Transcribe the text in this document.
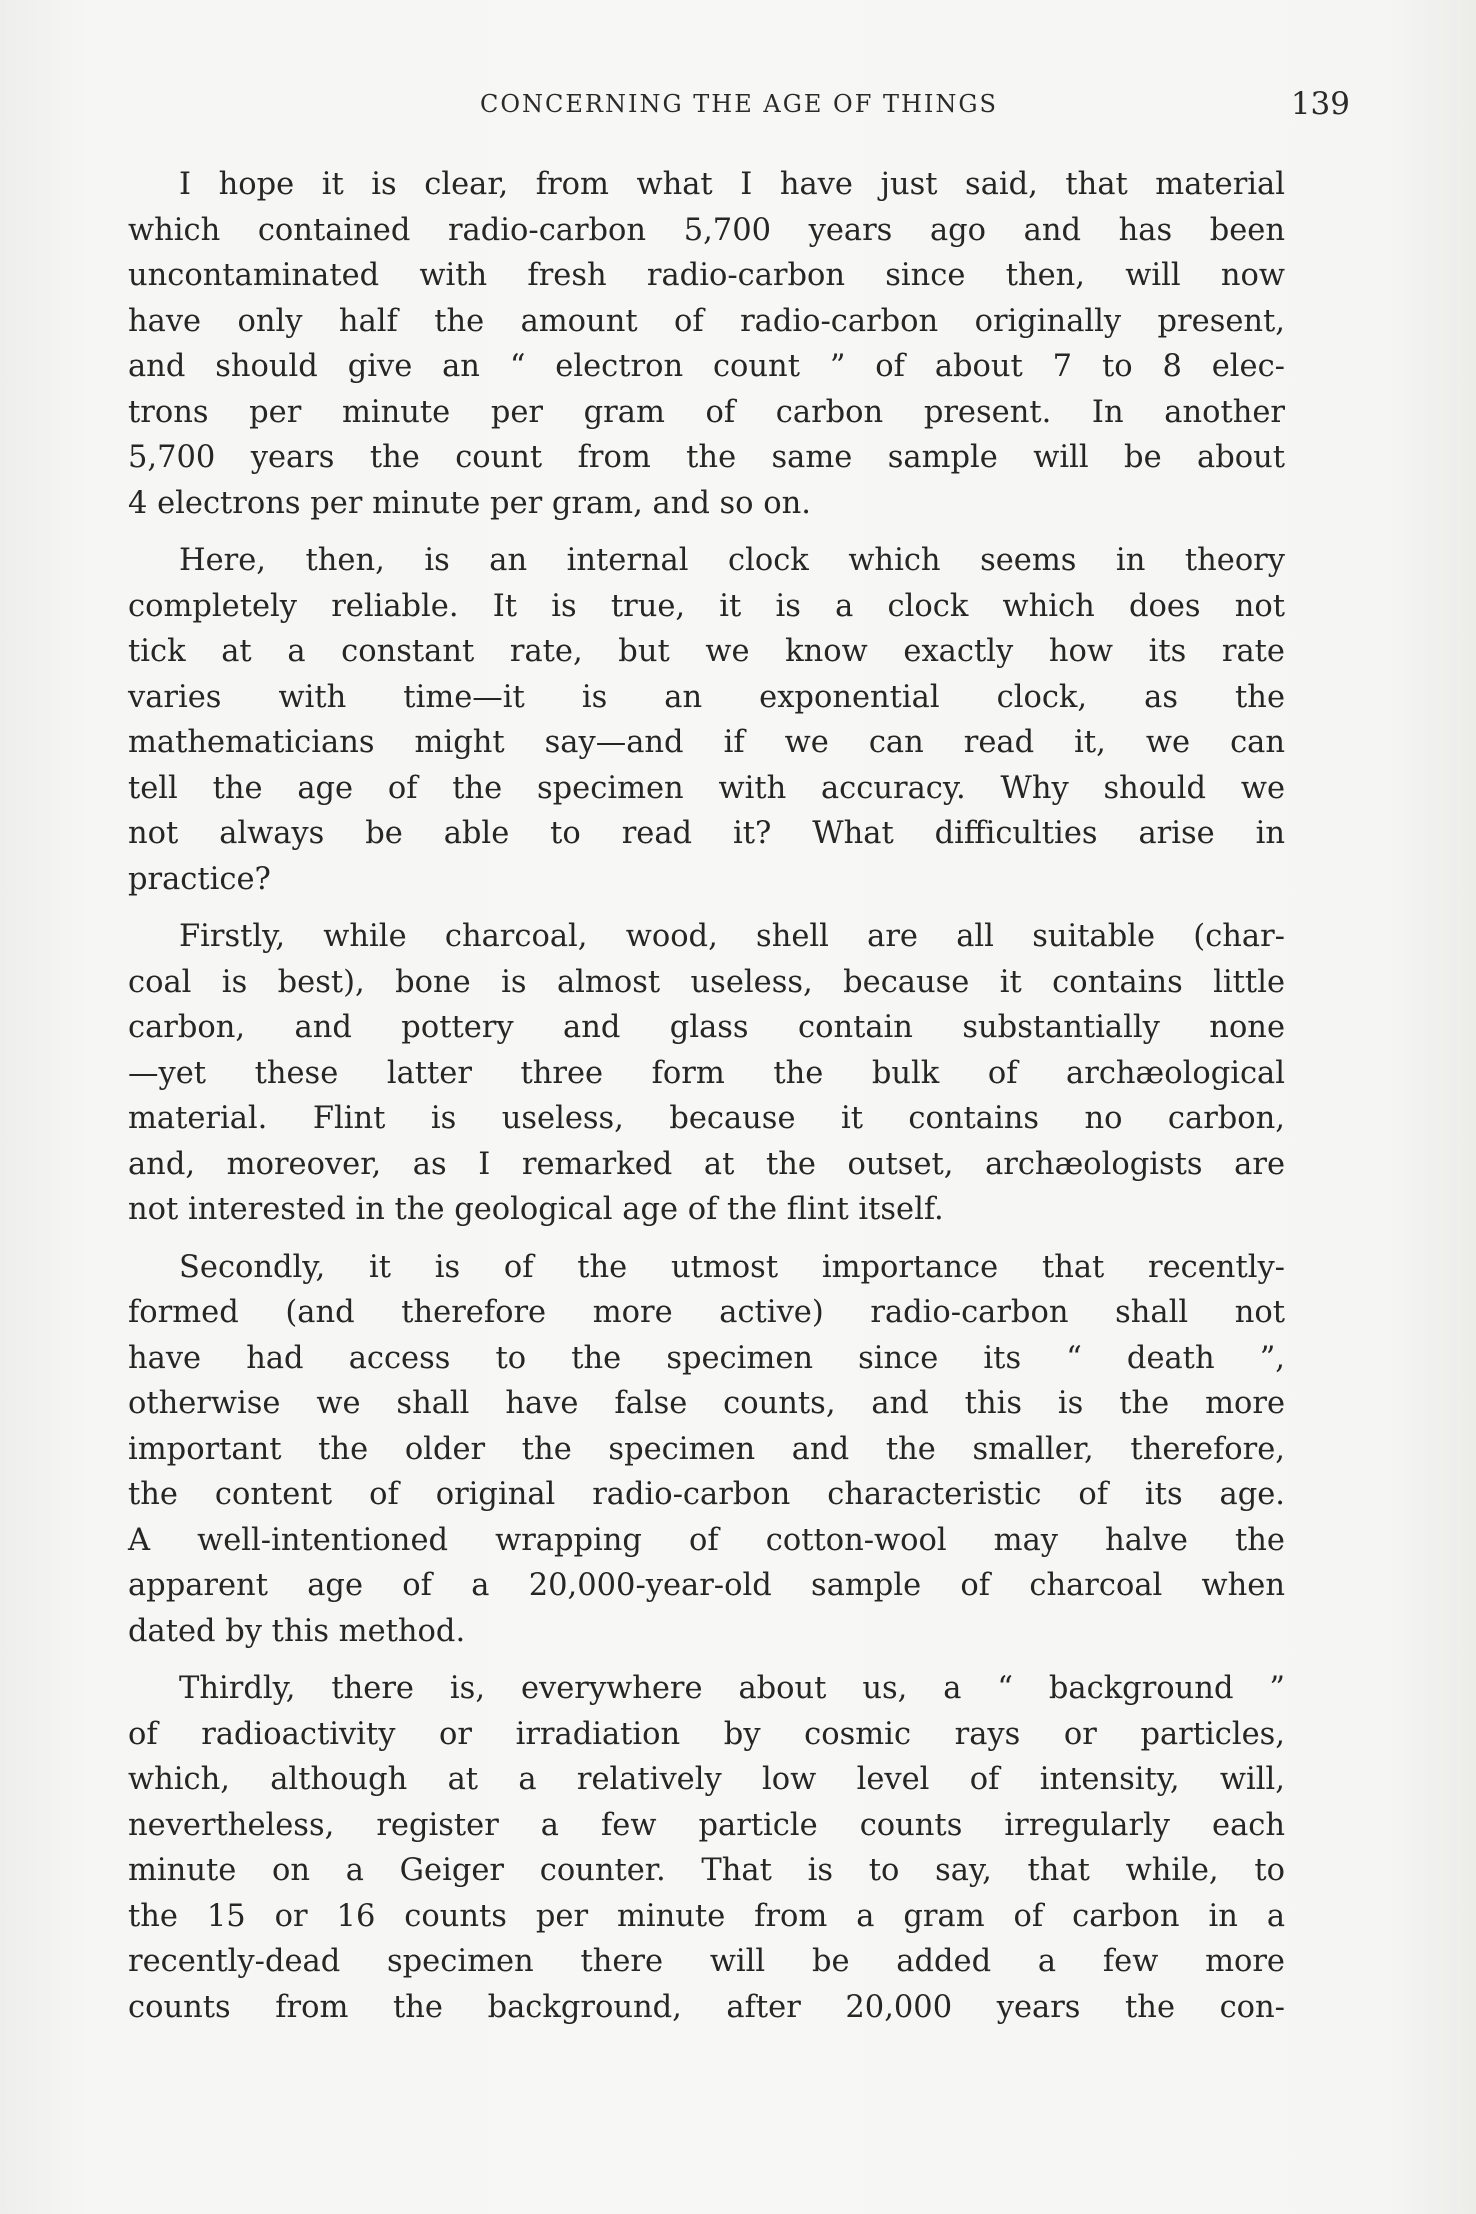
CONCERNING THE AGE OF THINGS	139
I hope it is clear, from what I have just said, that material
which contained radio-carbon 5,700 years ago and has been
uncontaminated with fresh radio-carbon since then, will now
have only half the amount of radio-carbon originally present,
and should give an “ electron count ” of about 7 to 8 elec-
trons per minute per gram of carbon present. In another
5,700 years the count from the same sample will be about
4 electrons per minute per gram, and so on.
Here, then, is an internal clock which seems in theory
completely reliable. It is true, it is a clock which does not
tick at a constant rate, but we know exactly how its rate
varies with time—it is an exponential clock, as the
mathematicians might say—and if we can read it, we can
tell the age of the specimen with accuracy. Why should we
not always be able to read it? What difficulties arise in
practice?
Firstly, while charcoal, wood, shell are all suitable (char-
coal is best), bone is almost useless, because it contains little
carbon, and pottery and glass contain substantially none
—yet these latter three form the bulk of archæological
material. Flint is useless, because it contains no carbon,
and, moreover, as I remarked at the outset, archæologists are
not interested in the geological age of the flint itself.
Secondly, it is of the utmost importance that recently-
formed (and therefore more active) radio-carbon shall not
have had access to the specimen since its “ death ”,
otherwise we shall have false counts, and this is the more
important the older the specimen and the smaller, therefore,
the content of original radio-carbon characteristic of its age.
A well-intentioned wrapping of cotton-wool may halve the
apparent age of a 20,000-year-old sample of charcoal when
dated by this method.
Thirdly, there is, everywhere about us, a “ background ”
of radioactivity or irradiation by cosmic rays or particles,
which, although at a relatively low level of intensity, will,
nevertheless, register a few particle counts irregularly each
minute on a Geiger counter. That is to say, that while, to
the 15 or 16 counts per minute from a gram of carbon in a
recently-dead specimen there will be added a few more
counts from the background, after 20,000 years the con-
